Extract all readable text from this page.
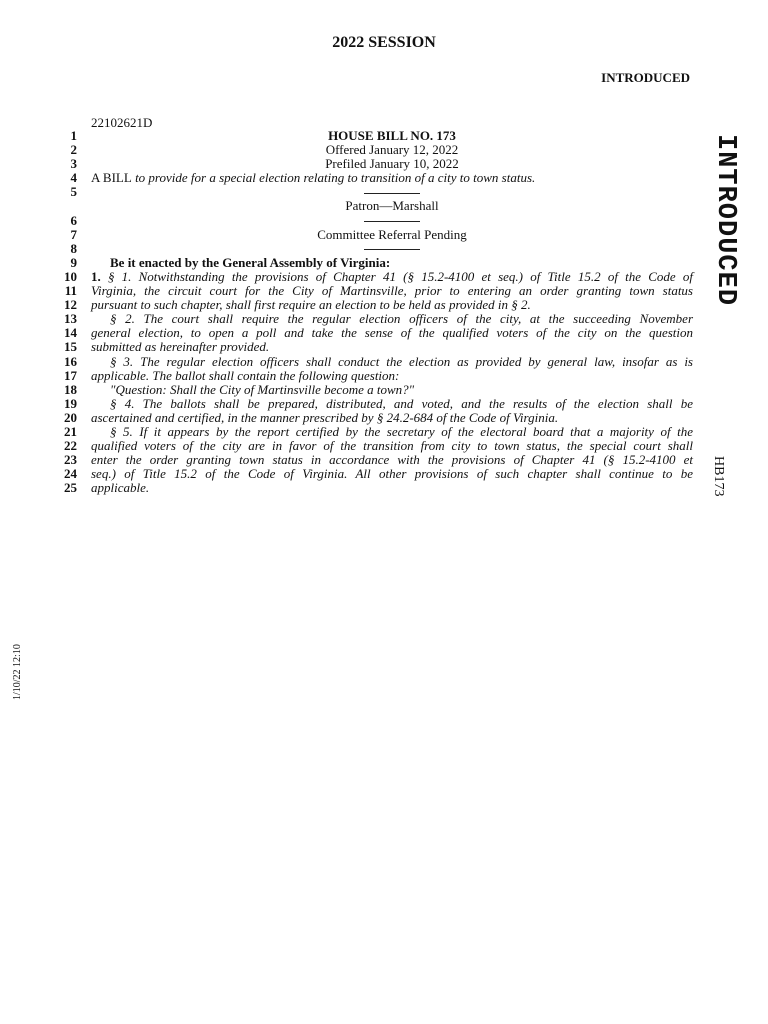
2022 SESSION
INTRODUCED
22102621D
1	HOUSE BILL NO. 173
2	Offered January 12, 2022
3	Prefiled January 10, 2022
4 A BILL to provide for a special election relating to transition of a city to town status.
5
Patron—Marshall
6
7	Committee Referral Pending
8
9	Be it enacted by the General Assembly of Virginia:
10 1. § 1. Notwithstanding the provisions of Chapter 41 (§ 15.2-4100 et seq.) of Title 15.2 of the Code of
11 Virginia, the circuit court for the City of Martinsville, prior to entering an order granting town status
12 pursuant to such chapter, shall first require an election to be held as provided in § 2.
13	§ 2. The court shall require the regular election officers of the city, at the succeeding November
14 general election, to open a poll and take the sense of the qualified voters of the city on the question
15 submitted as hereinafter provided.
16	§ 3. The regular election officers shall conduct the election as provided by general law, insofar as is
17 applicable. The ballot shall contain the following question:
18	"Question: Shall the City of Martinsville become a town?"
19	§ 4. The ballots shall be prepared, distributed, and voted, and the results of the election shall be
20 ascertained and certified, in the manner prescribed by § 24.2-684 of the Code of Virginia.
21	§ 5. If it appears by the report certified by the secretary of the electoral board that a majority of the
22 qualified voters of the city are in favor of the transition from city to town status, the special court shall
23 enter the order granting town status in accordance with the provisions of Chapter 41 (§ 15.2-4100 et
24 seq.) of Title 15.2 of the Code of Virginia. All other provisions of such chapter shall continue to be
25 applicable.
INTRODUCED
HB173
1/10/22 12:10
